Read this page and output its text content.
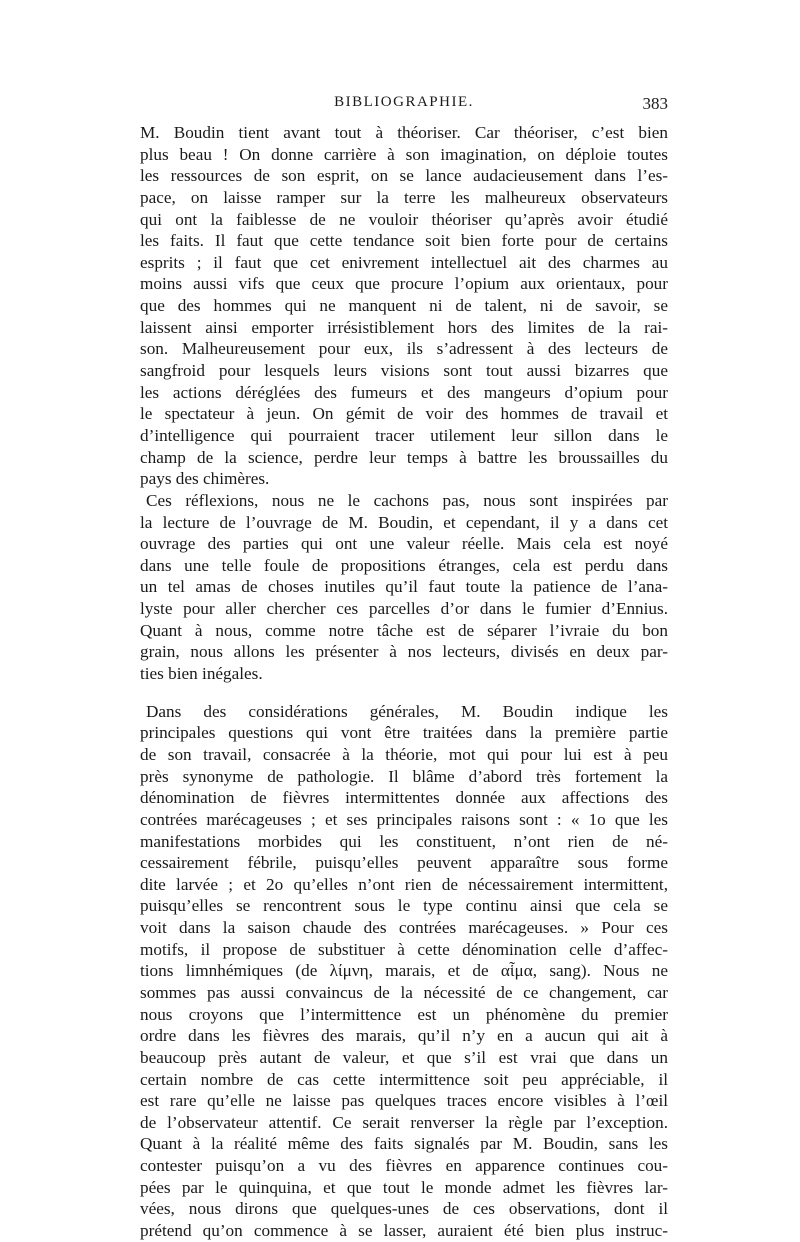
BIBLIOGRAPHIE.	383
M. Boudin tient avant tout à théoriser. Car théoriser, c’est bien
plus beau ! On donne carrière à son imagination, on déploie toutes
les ressources de son esprit, on se lance audacieusement dans l’es-
pace, on laisse ramper sur la terre les malheureux observateurs
qui ont la faiblesse de ne vouloir théoriser qu’après avoir étudié
les faits. Il faut que cette tendance soit bien forte pour de certains
esprits ; il faut que cet enivrement intellectuel ait des charmes au
moins aussi vifs que ceux que procure l’opium aux orientaux, pour
que des hommes qui ne manquent ni de talent, ni de savoir, se
laissent ainsi emporter irrésistiblement hors des limites de la rai-
son. Malheureusement pour eux, ils s’adressent à des lecteurs de
sangfroid pour lesquels leurs visions sont tout aussi bizarres que
les actions déréglées des fumeurs et des mangeurs d’opium pour
le spectateur à jeun. On gémit de voir des hommes de travail et
d’intelligence qui pourraient tracer utilement leur sillon dans le
champ de la science, perdre leur temps à battre les broussailles du
pays des chimères.
Ces réflexions, nous ne le cachons pas, nous sont inspirées par
la lecture de l’ouvrage de M. Boudin, et cependant, il y a dans cet
ouvrage des parties qui ont une valeur réelle. Mais cela est noyé
dans une telle foule de propositions étranges, cela est perdu dans
un tel amas de choses inutiles qu’il faut toute la patience de l’ana-
lyste pour aller chercher ces parcelles d’or dans le fumier d’Ennius.
Quant à nous, comme notre tâche est de séparer l’ivraie du bon
grain, nous allons les présenter à nos lecteurs, divisés en deux par-
ties bien inégales.
Dans des considérations générales, M. Boudin indique les
principales questions qui vont être traitées dans la première partie
de son travail, consacrée à la théorie, mot qui pour lui est à peu
près synonyme de pathologie. Il blâme d’abord très fortement la
dénomination de fièvres intermittentes donnée aux affections des
contrées marécageuses ; et ses principales raisons sont : « 1o que les
manifestations morbides qui les constituent, n’ont rien de né-
cessairement fébrile, puisqu’elles peuvent apparaître sous forme
dite larvée ; et 2o qu’elles n’ont rien de nécessairement intermittent,
puisqu’elles se rencontrent sous le type continu ainsi que cela se
voit dans la saison chaude des contrées marécageuses. » Pour ces
motifs, il propose de substituer à cette dénomination celle d’affec-
tions limnhémiques (de λίμνη, marais, et de αἷμα, sang). Nous ne
sommes pas aussi convaincus de la nécessité de ce changement, car
nous croyons que l’intermittence est un phénomène du premier
ordre dans les fièvres des marais, qu’il n’y en a aucun qui ait à
beaucoup près autant de valeur, et que s’il est vrai que dans un
certain nombre de cas cette intermittence soit peu appréciable, il
est rare qu’elle ne laisse pas quelques traces encore visibles à l’œil
de l’observateur attentif. Ce serait renverser la règle par l’exception.
Quant à la réalité même des faits signalés par M. Boudin, sans les
contester puisqu’on a vu des fièvres en apparence continues cou-
pées par le quinquina, et que tout le monde admet les fièvres lar-
vées, nous dirons que quelques-unes de ces observations, dont il
prétend qu’on commence à se lasser, auraient été bien plus instruc-
